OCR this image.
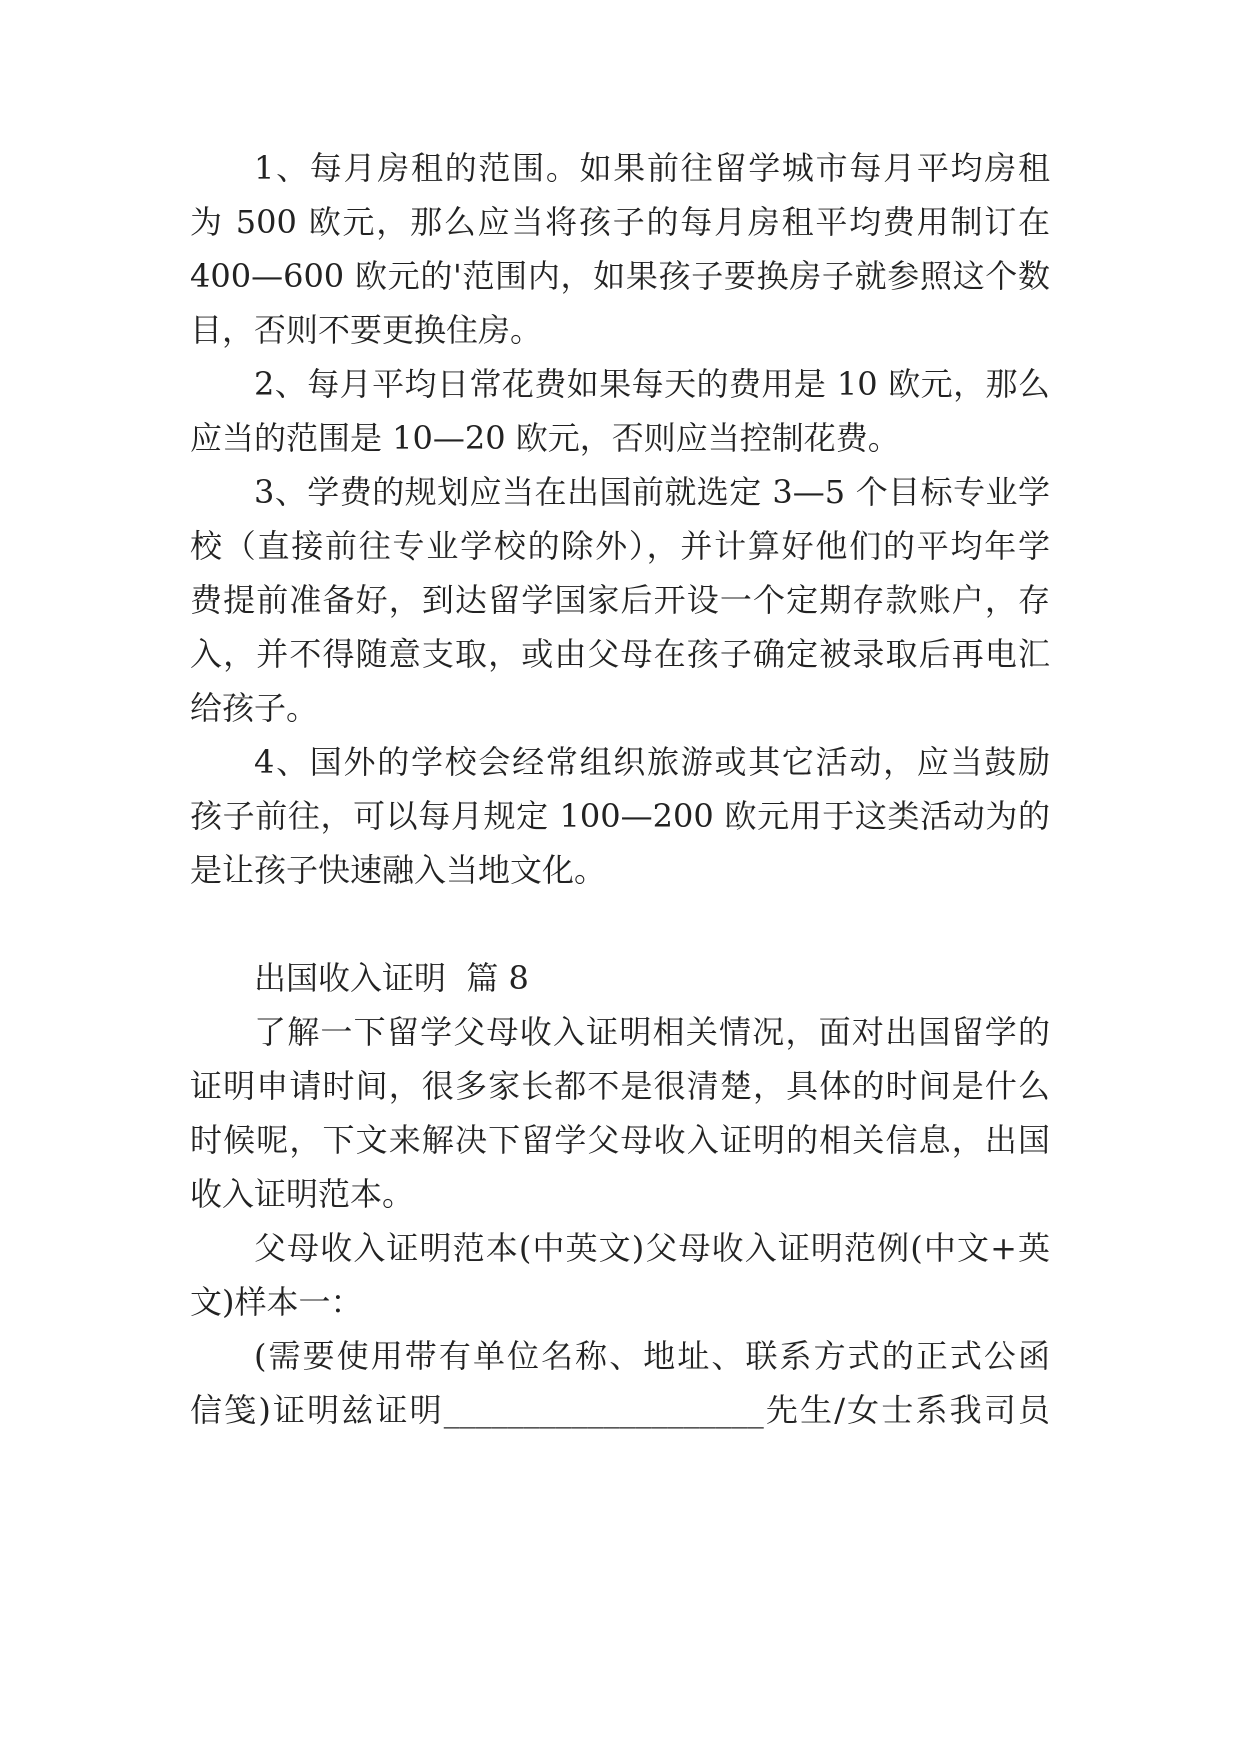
1、每月房租的范围。如果前往留学城市每月平均房租
为 500 欧元，那么应当将孩子的每月房租平均费用制订在
400—600 欧元的'范围内，如果孩子要换房子就参照这个数
目，否则不要更换住房。
2、每月平均日常花费如果每天的费用是 10 欧元，那么
应当的范围是 10—20 欧元，否则应当控制花费。
3、学费的规划应当在出国前就选定 3—5 个目标专业学
校（直接前往专业学校的除外），并计算好他们的平均年学
费提前准备好，到达留学国家后开设一个定期存款账户，存
入，并不得随意支取，或由父母在孩子确定被录取后再电汇
给孩子。
4、国外的学校会经常组织旅游或其它活动，应当鼓励
孩子前往，可以每月规定 100—200 欧元用于这类活动为的
是让孩子快速融入当地文化。
出国收入证明  篇 8
了解一下留学父母收入证明相关情况，面对出国留学的
证明申请时间，很多家长都不是很清楚，具体的时间是什么
时候呢，下文来解决下留学父母收入证明的相关信息，出国
收入证明范本。
父母收入证明范本(中英文)父母收入证明范例(中文+英
文)样本一：
(需要使用带有单位名称、地址、联系方式的正式公函
信笺)证明兹证明____________________先生/女士系我司员
